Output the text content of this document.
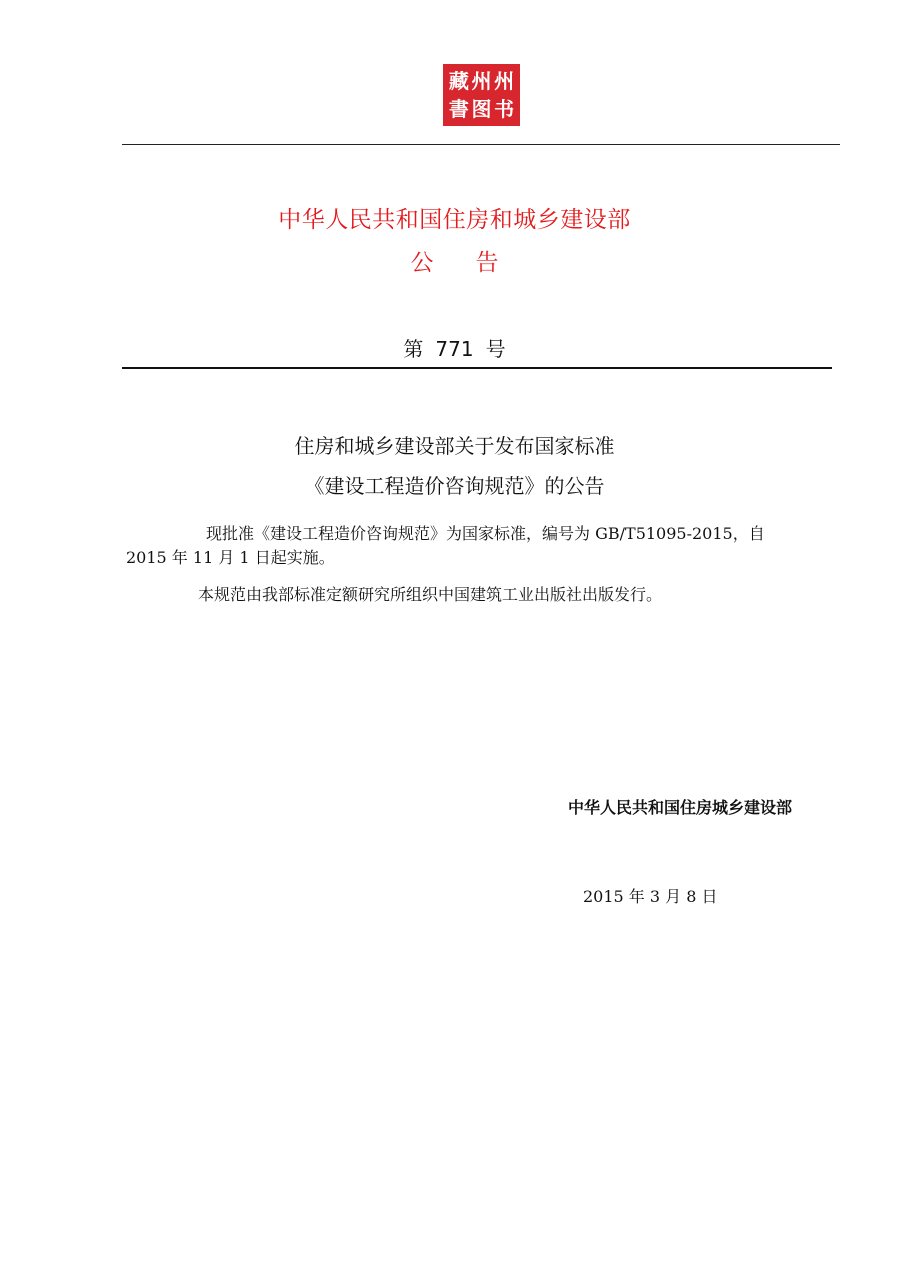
藏 州 州
書 图 书
中华人民共和国住房和城乡建设部
公 告
第 771 号
住房和城乡建设部关于发布国家标准
《建设工程造价咨询规范》的公告
现批准《建设工程造价咨询规范》为国家标准，编号为 GB/T51095-2015，自
2015 年 11 月 1 日起实施。
本规范由我部标准定额研究所组织中国建筑工业出版社出版发行。
中华人民共和国住房城乡建设部
2015 年 3 月 8 日
